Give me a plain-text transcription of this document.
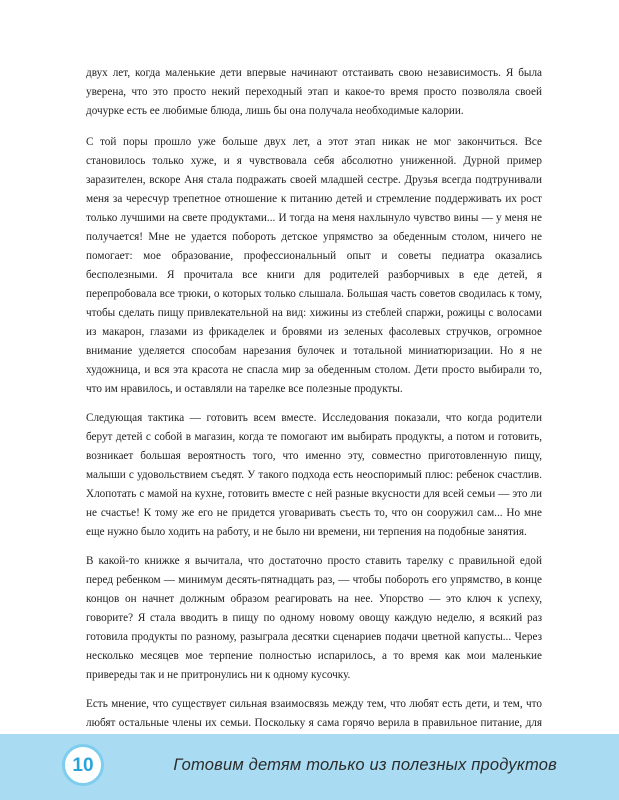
двух лет, когда маленькие дети впервые начинают отстаивать свою независимость. Я была уверена, что это просто некий переходный этап и какое-то время просто позволяла своей дочурке есть ее любимые блюда, лишь бы она получала необходимые калории.

С той поры прошло уже больше двух лет, а этот этап никак не мог закончиться. Все становилось только хуже, и я чувствовала себя абсолютно униженной. Дурной пример заразителен, вскоре Аня стала подражать своей младшей сестре. Друзья всегда подтрунивали меня за чересчур трепетное отношение к питанию детей и стремление поддерживать их рост только лучшими на свете продуктами... И тогда на меня нахлынуло чувство вины — у меня не получается! Мне не удается побороть детское упрямство за обеденным столом, ничего не помогает: мое образование, профессиональный опыт и советы педиатра оказались бесполезными. Я прочитала все книги для родителей разборчивых в еде детей, я перепробовала все трюки, о которых только слышала. Большая часть советов сводилась к тому, чтобы сделать пищу привлекательной на вид: хижины из стеблей спаржи, рожицы с волосами из макарон, глазами из фрикаделек и бровями из зеленых фасолевых стручков, огромное внимание уделяется способам нарезания булочек и тотальной миниатюризации. Но я не художница, и вся эта красота не спасла мир за обеденным столом. Дети просто выбирали то, что им нравилось, и оставляли на тарелке все полезные продукты.

Следующая тактика — готовить всем вместе. Исследования показали, что когда родители берут детей с собой в магазин, когда те помогают им выбирать продукты, а потом и готовить, возникает большая вероятность того, что именно эту, совместно приготовленную пищу, малыши с удовольствием съедят. У такого подхода есть неоспоримый плюс: ребенок счастлив. Хлопотать с мамой на кухне, готовить вместе с ней разные вкусности для всей семьи — это ли не счастье! К тому же его не придется уговаривать съесть то, что он сооружил сам... Но мне еще нужно было ходить на работу, и не было ни времени, ни терпения на подобные занятия.

В какой-то книжке я вычитала, что достаточно просто ставить тарелку с правильной едой перед ребенком — минимум десять-пятнадцать раз, — чтобы побороть его упрямство, в конце концов он начнет должным образом реагировать на нее. Упорство — это ключ к успеху, говорите? Я стала вводить в пищу по одному новому овощу каждую неделю, я всякий раз готовила продукты по разному, разыграла десятки сценариев подачи цветной капусты... Через несколько месяцев мое терпение полностью испарилось, а то время как мои маленькие привереды так и не притронулись ни к одному кусочку.

Есть мнение, что существует сильная взаимосвязь между тем, что любят есть дети, и тем, что любят остальные члены их семьи. Поскольку я сама горячо верила в правильное питание, для

10	Готовим детям только из полезных продуктов
